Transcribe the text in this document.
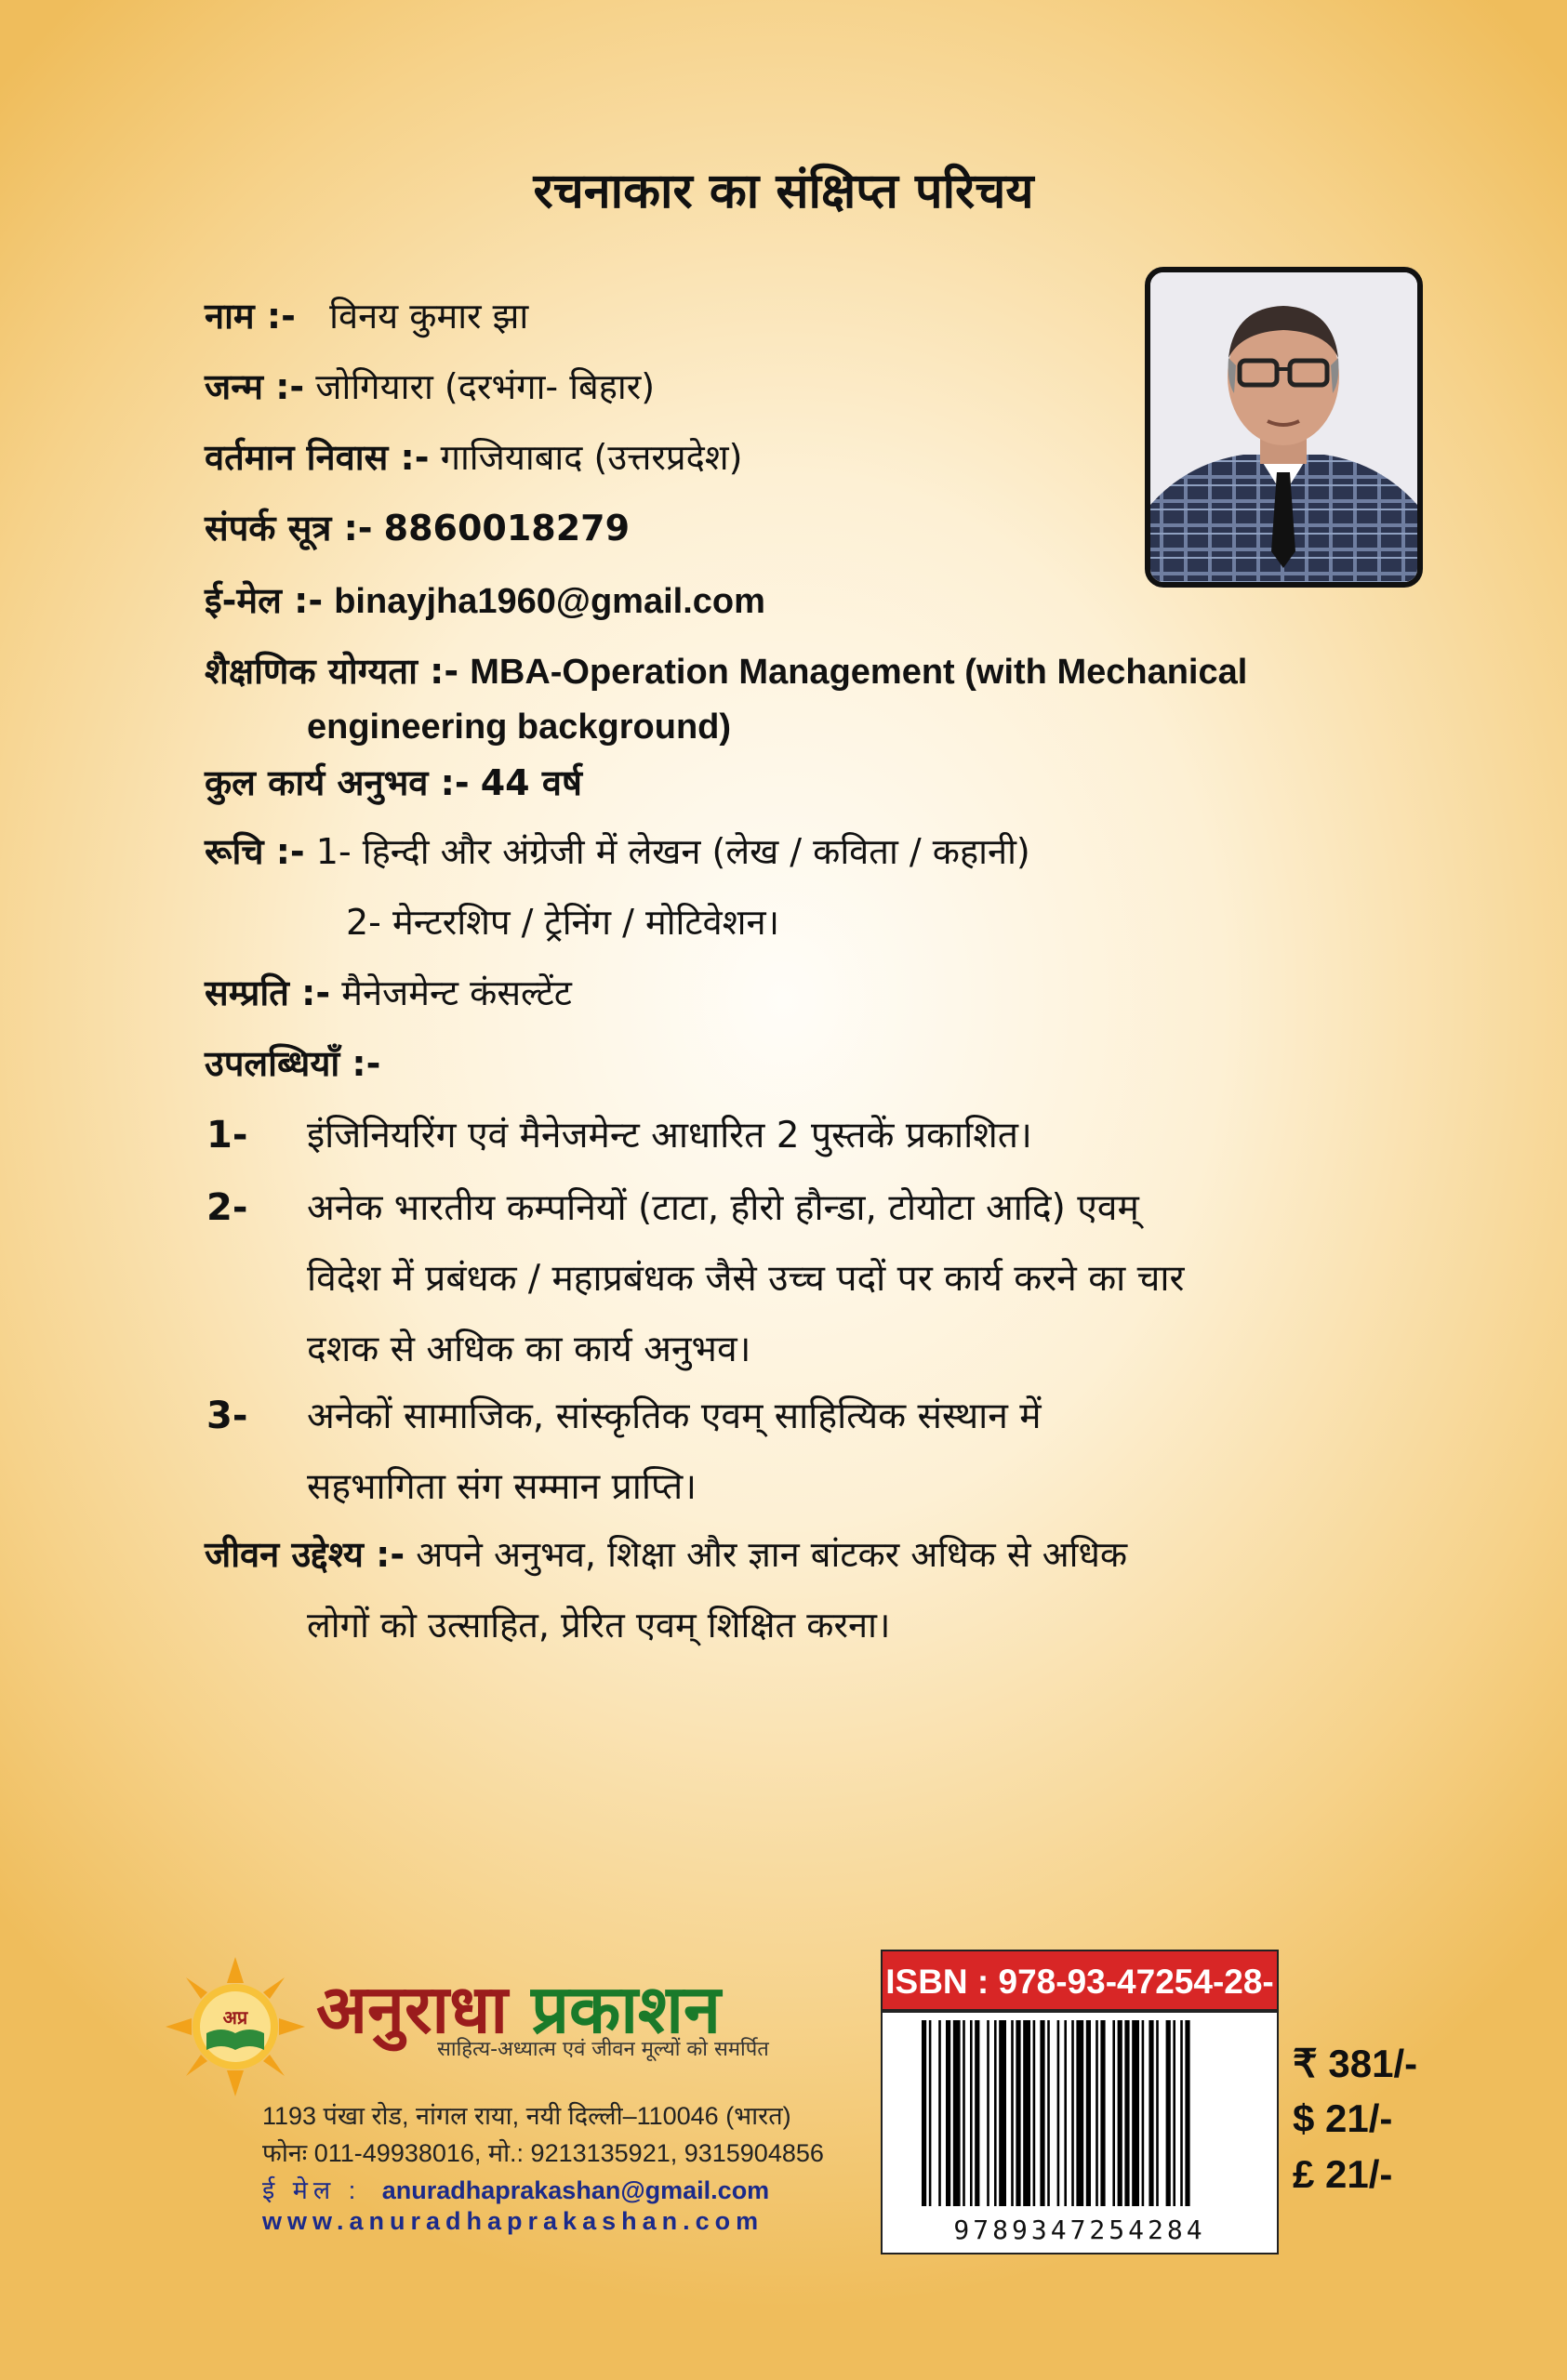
रचनाकार का संक्षिप्त परिचय
नाम :- विनय कुमार झा
जन्म :- जोगियारा (दरभंगा- बिहार)
वर्तमान निवास :- गाजियाबाद (उत्तरप्रदेश)
संपर्क सूत्र :- 8860018279
ई-मेल :- binayjha1960@gmail.com
शैक्षणिक योग्यता :- MBA-Operation Management (with Mechanical
engineering background)
कुल कार्य अनुभव :- 44 वर्ष
रूचि :- 1- हिन्दी और अंग्रेजी में लेखन (लेख / कविता / कहानी)
2- मेन्टरशिप / ट्रेनिंग / मोटिवेशन।
सम्प्रति :- मैनेजमेन्ट कंसल्टेंट
उपलब्धियाँ :-
1- इंजिनियरिंग एवं मैनेजमेन्ट आधारित 2 पुस्तकें प्रकाशित।
2- अनेक भारतीय कम्पनियों (टाटा, हीरो हौन्डा, टोयोटा आदि) एवम्
विदेश में प्रबंधक / महाप्रबंधक जैसे उच्च पदों पर कार्य करने का चार
दशक से अधिक का कार्य अनुभव।
3- अनेकों सामाजिक, सांस्कृतिक एवम् साहित्यिक संस्थान में
सहभागिता संग सम्मान प्राप्ति।
जीवन उद्देश्य :- अपने अनुभव, शिक्षा और ज्ञान बांटकर अधिक से अधिक
लोगों को उत्साहित, प्रेरित एवम् शिक्षित करना।
अप्र अनुराधा प्रकाशन
साहित्य-अध्यात्म एवं जीवन मूल्यों को समर्पित
1193 पंखा रोड, नांगल राया, नयी दिल्ली–110046 (भारत)
फोनः 011-49938016, मो.: 9213135921, 9315904856
ई मेल : anuradhaprakashan@gmail.com
www.anuradhaprakashan.com
ISBN : 978-93-47254-28-
9789347254284
₹ 381/-
$ 21/-
£ 21/-
